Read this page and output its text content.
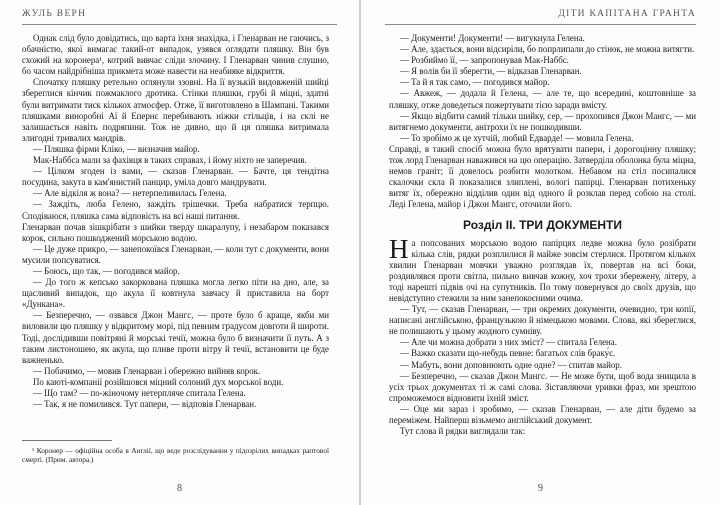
ЖУЛЬ ВЕРН

Однак слід було довідатись, що варта їхня знахідка, і Гленарван не гаючись, з обачністю, якої вимагає такий-от випадок, узявся оглядати пляшку. Він був схожий на коронера¹, котрий вивчає сліди злочину. І Гленарван чинив слушно, бо часом найдрібніша прикмета може навести на неабияке відкриття.

Спочатку пляшку ретельно оглянули ззовні. На її вузькій видовженій шийці збереглися кінчик пожмаклого дротика. Стінки пляшки, грубі й міцні, здатні були витримати тиск кількох атмосфер. Отже, її виготовлено в Шампані. Такими пляшками виноробні Аї й Епернє перебивають ніжки стільців, і на склі не залишається навіть подряпини. Тож не дивно, що й ця пляшка витримала злигодні тривалих мандрів.

— Пляшка фірми Кліко, — визначив майор.

Мак-Наббса мали за фахівця в таких справах, і йому ніхто не заперечив.

— Цілком згоден із вами, — сказав Гленарван. — Бачте, ця тендітна посудина, закута в кам'янистий панцир, уміла довго мандрувати.

— Але відкіля ж вона? — нетерпеливилась Гелена.

— Заждіть, люба Гелено, заждіть трішечки. Треба набратися терпцю. Сподіваюся, пляшка сама відповість на всі наші питання.

Гленарван почав зішкрібати з шийки тверду шкаралупу, і незабаром показався корок, сильно пошкоджений морською водою.

— Це дуже прикро, — занепокоївся Гленарван, — коли тут є документи, вони мусили попсуватися.

— Боюсь, що так, — погодився майор.

— До того ж кепсько закоркована пляшка могла легко піти на дно, але, за щасливий випадок, що акула її ковтнула завчасу й приставила на борт «Дункана».

— Безперечно, — озвався Джон Мангс, — проте було б краще, якби ми виловили цю пляшку у відкритому морі, під певним градусом довготи й широти. Тоді, дослідивши повітряні й морські течії, можна було б визначити її путь. А з таким листоношею, як акула, що пливе проти вітру й течії, встановити це буде важненько.

— Побачимо, — мовив Гленарван і обережно вийняв корок.

По каюті-компанії розійшовся міцний солоний дух морської води.

— Що там? — по-жіночому нетерпляче спитала Гелена.

— Так, я не помилився. Тут папери, — відповів Гленарван.

¹ Коронер — офіційна особа в Англії, що веде розслідування у підозрілих випадках раптової смерті. (Прим. автора.)
8
ДІТИ КАПІТАНА ГРАНТА

— Документи! Документи! — вигукнула Гелена.

— Але, здається, вони відсиріли, бо попрлипали до стінок, не можна витягти.

— Розбиймо її, — запропонував Мак-Наббс.

— Я волів би її зберегти, — відказав Гленарван.

— Та й я так само, — погодився майор.

— Авжеж, — додала й Гелена, — але те, що всередині, коштовніше за пляшку, отже доведеться пожертувати тією заради вмісту.

— Якщо відбити самий тільки шийку, сер, — прохопився Джон Мангс, — ми витягнемо документи, анітрохи їх не пошкодивши.

— То зробімо ж це хутчій, любий Едварде! — мовила Гелена.

Справді, в такий спосіб можна було врятувати папери, і дорогоцінну пляшку; тож лорд Гленарван наважився на цю операцію. Затверділа оболонка була міцна, немов граніт; її довелось розбити молотком. Небавом на стіл посипалися скалочки скла й показалися злиплені, вологі папірці. Гленарван потихеньку витяг їх, обережно відділив один від одного й розклав перед собою на столі. Леді Гелена, майор і Джон Мангс, оточили його.

Розділ II. ТРИ ДОКУМЕНТИ

На попсованих морською водою папірцях ледве можна було розібрати кілька слів, рядки розплилися й майже зовсім стерлися. Протягом кількох хвилин Гленарван мовчки уважно розглядав їх, повертав на всі боки, роздивлявся проти світла, пильно вивчав кожну, хоч трохи збережену, літеру, а тоді нарешті підвів очі на супутників. По тому повернувся до своїх друзів, що невідступно стежили за ним занепокоєними очима.

— Тут, — сказав Гленарван, — три окремих документи, очевидно, три копії, написані англійською, французькою й німецькою мовами. Слова, які збереглися, не полишають у цьому жодного сумніву.

— Але чи можна добрати з них зміст? — спитала Гелена.

— Важко сказати що-небудь певне: багатьох слів браку́є.

— Мабуть, вони доповнюють одне одне? — спитав майор.

— Безперечно, — сказав Джон Мангс. — Не може бути, щоб вода знищила в усіх трьох документах ті ж самі слова. Зіставляючи уривки фраз, ми зрештою спроможемося відновити їхній зміст.

— Оце ми зараз і зробимо, — сказав Гленарван, — але діти будемо за переміжем. Найперш візьмемо англійський документ.

Тут слова й рядки виглядали так:

9
